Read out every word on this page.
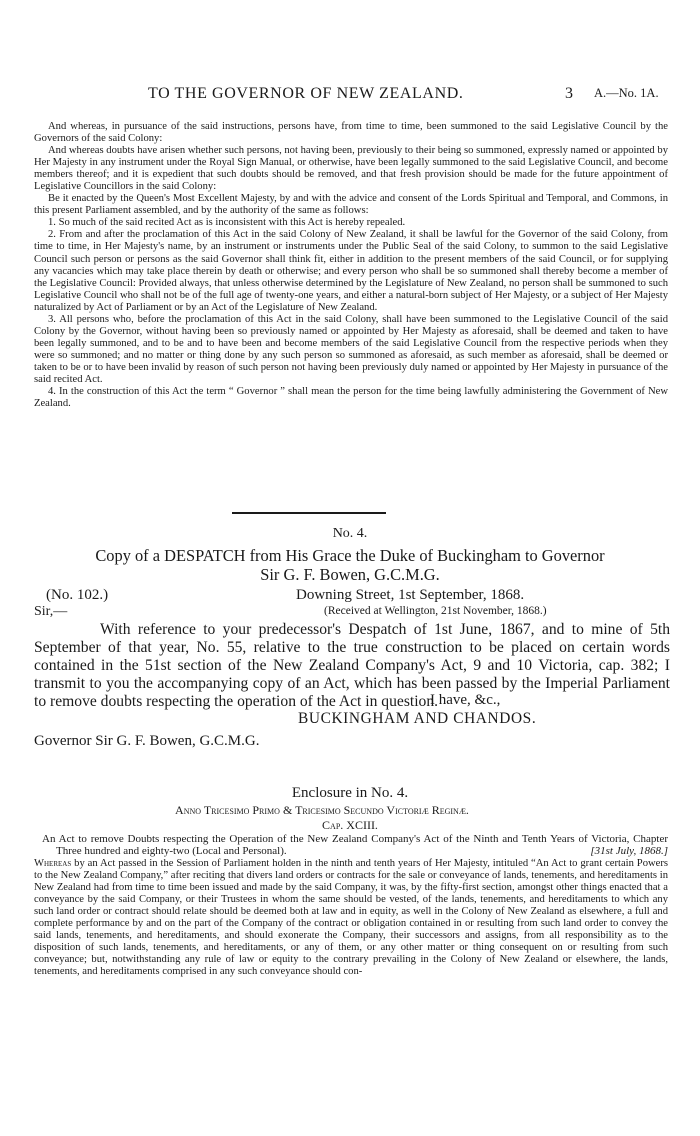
TO THE GOVERNOR OF NEW ZEALAND.	3 A.—No. 1A.

And whereas, in pursuance of the said instructions, persons have, from time to time, been summoned to the said Legislative Council by the Governors of the said Colony:

And whereas doubts have arisen whether such persons, not having been, previously to their being so summoned, expressly named or appointed by Her Majesty in any instrument under the Royal Sign Manual, or otherwise, have been legally summoned to the said Legislative Council, and become members thereof; and it is expedient that such doubts should be removed, and that fresh provision should be made for the future appointment of Legislative Councillors in the said Colony:

Be it enacted by the Queen's Most Excellent Majesty, by and with the advice and consent of the Lords Spiritual and Temporal, and Commons, in this present Parliament assembled, and by the authority of the same as follows:

1. So much of the said recited Act as is inconsistent with this Act is hereby repealed.

2. From and after the proclamation of this Act in the said Colony of New Zealand, it shall be lawful for the Governor of the said Colony, from time to time, in Her Majesty's name, by an instrument or instruments under the Public Seal of the said Colony, to summon to the said Legislative Council such person or persons as the said Governor shall think fit, either in addition to the present members of the said Council, or for supplying any vacancies which may take place therein by death or otherwise; and every person who shall be so summoned shall thereby become a member of the Legislative Council: Provided always, that unless otherwise determined by the Legislature of New Zealand, no person shall be summoned to such Legislative Council who shall not be of the full age of twenty-one years, and either a natural-born subject of Her Majesty, or a subject of Her Majesty naturalized by Act of Parliament or by an Act of the Legislature of New Zealand.

3. All persons who, before the proclamation of this Act in the said Colony, shall have been summoned to the Legislative Council of the said Colony by the Governor, without having been so previously named or appointed by Her Majesty as aforesaid, shall be deemed and taken to have been legally summoned, and to be and to have been and become members of the said Legislative Council from the respective periods when they were so summoned; and no matter or thing done by any such person so summoned as aforesaid, as such member as aforesaid, shall be deemed or taken to be or to have been invalid by reason of such person not having been previously duly named or appointed by Her Majesty in pursuance of the said recited Act.

4. In the construction of this Act the term “ Governor ” shall mean the person for the time being lawfully administering the Government of New Zealand.

No. 4.
Copy of a DESPATCH from His Grace the Duke of Buckingham to Governor
Sir G. F. Bowen, G.C.M.G.
(No. 102.)	Downing Street, 1st September, 1868.
Sir,—	(Received at Wellington, 21st November, 1868.)

With reference to your predecessor's Despatch of 1st June, 1867, and to mine of 5th September of that year, No. 55, relative to the true construction to be placed on certain words contained in the 51st section of the New Zealand Company's Act, 9 and 10 Victoria, cap. 382; I transmit to you the accompanying copy of an Act, which has been passed by the Imperial Parliament to remove doubts respecting the operation of the Act in question.

I have, &c.,
BUCKINGHAM AND CHANDOS.
Governor Sir G. F. Bowen, G.C.M.G.
Enclosure in No. 4.
Anno Tricesimo Primo & Tricesimo Secundo Victoriæ Reginæ.
Cap. XCIII.

An Act to remove Doubts respecting the Operation of the New Zealand Company's Act of the Ninth and Tenth Years of Victoria, Chapter Three hundred and eighty-two (Local and Personal).	[31st July, 1868.]

Whereas by an Act passed in the Session of Parliament holden in the ninth and tenth years of Her Majesty, intituled “An Act to grant certain Powers to the New Zealand Company,” after reciting that divers land orders or contracts for the sale or conveyance of lands, tenements, and hereditaments in New Zealand had from time to time been issued and made by the said Company, it was, by the fifty-first section, amongst other things enacted that a conveyance by the said Company, or their Trustees in whom the same should be vested, of the lands, tenements, and hereditaments to which any such land order or contract should relate should be deemed both at law and in equity, as well in the Colony of New Zealand as elsewhere, a full and complete performance by and on the part of the Company of the contract or obligation contained in or resulting from such land order to convey the said lands, tenements, and hereditaments, and should exonerate the Company, their successors and assigns, from all responsibility as to the disposition of such lands, tenements, and hereditaments, or any of them, or any other matter or thing consequent on or resulting from such conveyance; but, notwithstanding any rule of law or equity to the contrary prevailing in the Colony of New Zealand or elsewhere, the lands, tenements, and hereditaments comprised in any such conveyance should con-
